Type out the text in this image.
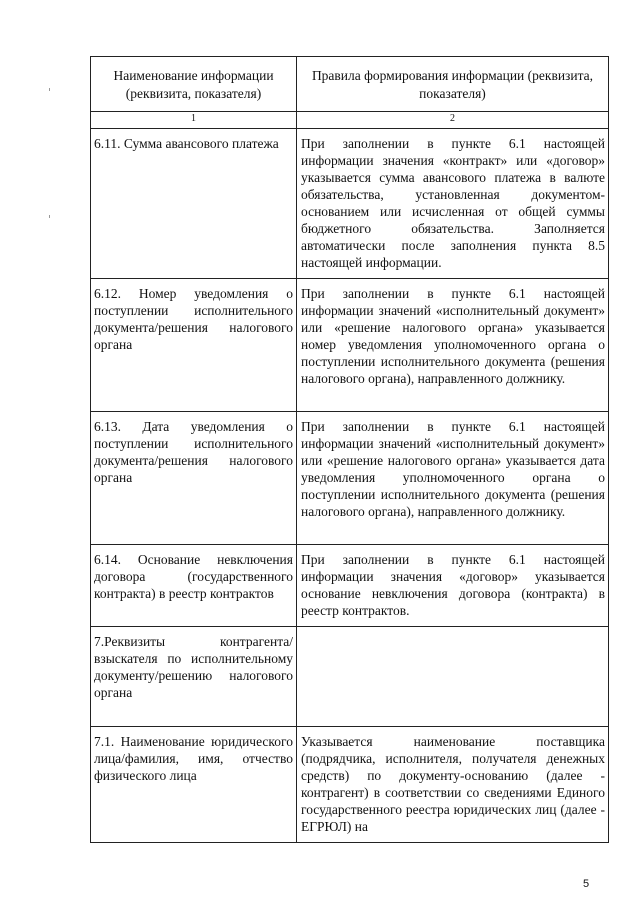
Наименование информации (реквизита, показателя)	Правила формирования информации (реквизита, показателя)

1	2

6.11. Сумма авансового платежа	При заполнении в пункте 6.1 настоящей информации значения «контракт» или «договор» указывается сумма авансового платежа в валюте обязательства, установленная документом-основанием или исчисленная от общей суммы бюджетного обязательства. Заполняется автоматически после заполнения пункта 8.5 настоящей информации.

6.12. Номер уведомления о поступлении исполнительного документа/решения налогового органа	При заполнении в пункте 6.1 настоящей информации значений «исполнительный документ» или «решение налогового органа» указывается номер уведомления уполномоченного органа о поступлении исполнительного документа (решения налогового органа), направленного должнику.

6.13. Дата уведомления о поступлении исполнительного документа/решения налогового органа	При заполнении в пункте 6.1 настоящей информации значений «исполнительный документ» или «решение налогового органа» указывается дата уведомления уполномоченного органа о поступлении исполнительного документа (решения налогового органа), направленного должнику.

6.14. Основание невключения договора (государственного контракта) в реестр контрактов	При заполнении в пункте 6.1 настоящей информации значения «договор» указывается основание невключения договора (контракта) в реестр контрактов.

7.Реквизиты контрагента/взыскателя по исполнительному документу/решению налогового органа	

7.1. Наименование юридического лица/фамилия, имя, отчество физического лица	Указывается наименование поставщика (подрядчика, исполнителя, получателя денежных средств) по документу-основанию (далее - контрагент) в соответствии со сведениями Единого государственного реестра юридических лиц (далее - ЕГРЮЛ) на
5
